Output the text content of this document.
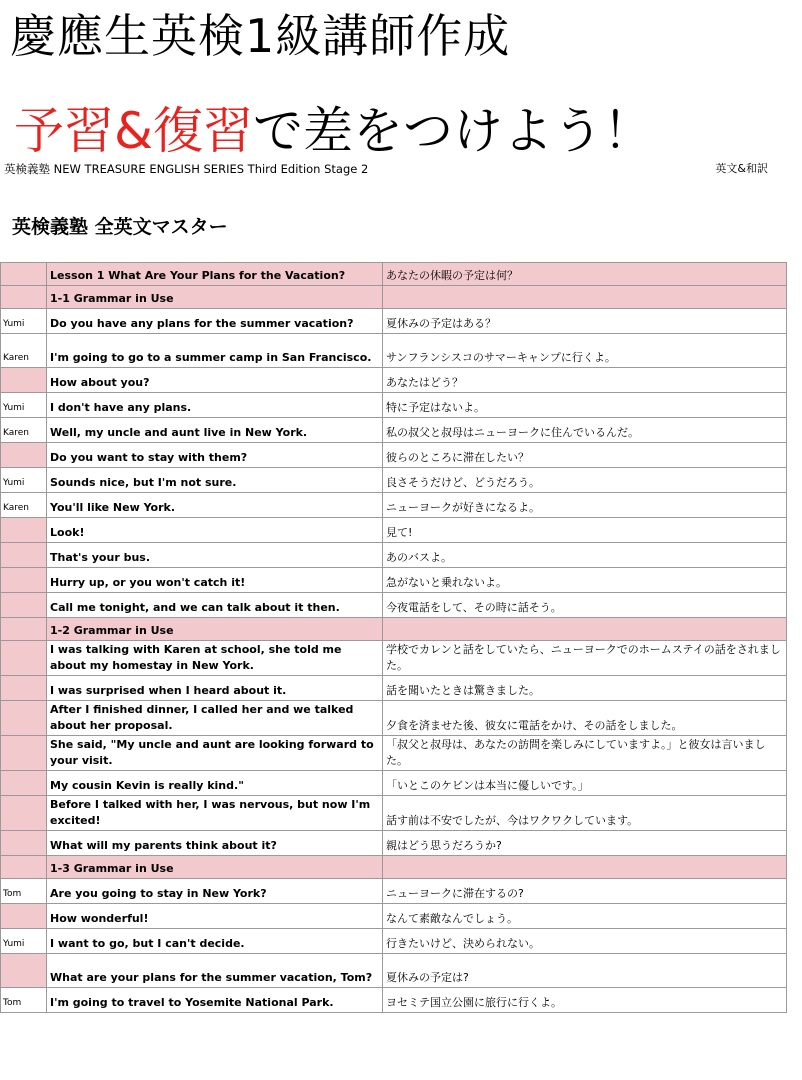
慶應生英検1級講師作成
予習&復習で差をつけよう！
英検義塾 NEW TREASURE ENGLISH SERIES Third Edition Stage 2	英文&和訳
英検義塾 全英文マスター
	Lesson 1 What Are Your Plans for the Vacation?	あなたの休暇の予定は何？
	1-1 Grammar in Use	
Yumi	Do you have any plans for the summer vacation?	夏休みの予定はある？
Karen	I'm going to go to a summer camp in San Francisco.	サンフランシスコのサマーキャンプに行くよ。
	How about you?	あなたはどう？
Yumi	I don't have any plans.	特に予定はないよ。
Karen	Well, my uncle and aunt live in New York.	私の叔父と叔母はニューヨークに住んでいるんだ。
	Do you want to stay with them?	彼らのところに滞在したい？
Yumi	Sounds nice, but I'm not sure.	良さそうだけど、どうだろう。
Karen	You'll like New York.	ニューヨークが好きになるよ。
	Look!	見て!
	That's your bus.	あのバスよ。
	Hurry up, or you won't catch it!	急がないと乗れないよ。
	Call me tonight, and we can talk about it then.	今夜電話をして、その時に話そう。
	1-2 Grammar in Use	
	I was talking with Karen at school, she told me about my homestay in New York.	学校でカレンと話をしていたら、ニューヨークでのホームステイの話をされました。
	I was surprised when I heard about it.	話を聞いたときは驚きました。
	After I finished dinner, I called her and we talked about her proposal.	夕食を済ませた後、彼女に電話をかけ、その話をしました。
	She said, "My uncle and aunt are looking forward to your visit.	「叔父と叔母は、あなたの訪問を楽しみにしていますよ。」と彼女は言いました。
	My cousin Kevin is really kind."	「いとこのケビンは本当に優しいです。」
	Before I talked with her, I was nervous, but now I'm excited!	話す前は不安でしたが、今はワクワクしています。
	What will my parents think about it?	親はどう思うだろうか?
	1-3 Grammar in Use	
Tom	Are you going to stay in New York?	ニューヨークに滞在するの?
	How wonderful!	なんて素敵なんでしょう。
Yumi	I want to go, but I can't decide.	行きたいけど、決められない。
	What are your plans for the summer vacation, Tom?	夏休みの予定は?
Tom	I'm going to travel to Yosemite National Park.	ヨセミテ国立公園に旅行に行くよ。
